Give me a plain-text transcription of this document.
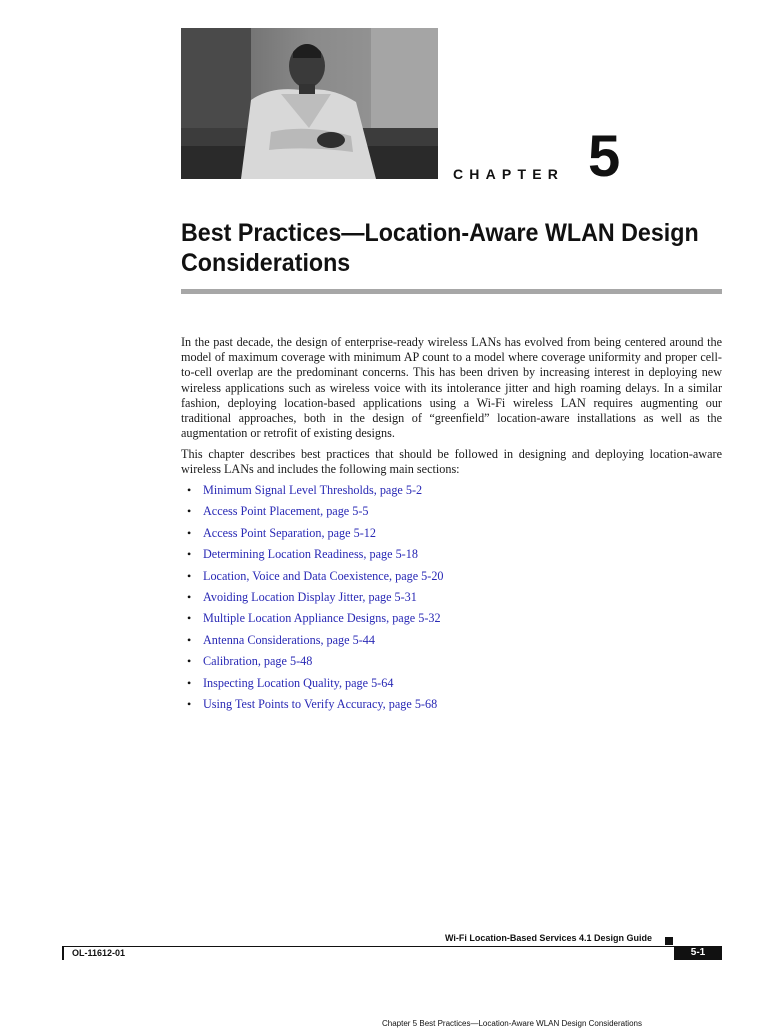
CHAPTER 5
Best Practices—Location-Aware WLAN Design Considerations

In the past decade, the design of enterprise-ready wireless LANs has evolved from being centered around the model of maximum coverage with minimum AP count to a model where coverage uniformity and proper cell-to-cell overlap are the predominant concerns. This has been driven by increasing interest in deploying new wireless applications such as wireless voice with its intolerance jitter and high roaming delays. In a similar fashion, deploying location-based applications using a Wi-Fi wireless LAN requires augmenting our traditional approaches, both in the design of “greenfield” location-aware installations as well as the augmentation or retrofit of existing designs.

This chapter describes best practices that should be followed in designing and deploying location-aware wireless LANs and includes the following main sections:

• Minimum Signal Level Thresholds, page 5-2
• Access Point Placement, page 5-5
• Access Point Separation, page 5-12
• Determining Location Readiness, page 5-18
• Location, Voice and Data Coexistence, page 5-20
• Avoiding Location Display Jitter, page 5-31
• Multiple Location Appliance Designs, page 5-32
• Antenna Considerations, page 5-44
• Calibration, page 5-48
• Inspecting Location Quality, page 5-64
• Using Test Points to Verify Accuracy, page 5-68
Wi-Fi Location-Based Services 4.1 Design Guide
OL-11612-01	5-1
Chapter 5 Best Practices—Location-Aware WLAN Design Considerations
